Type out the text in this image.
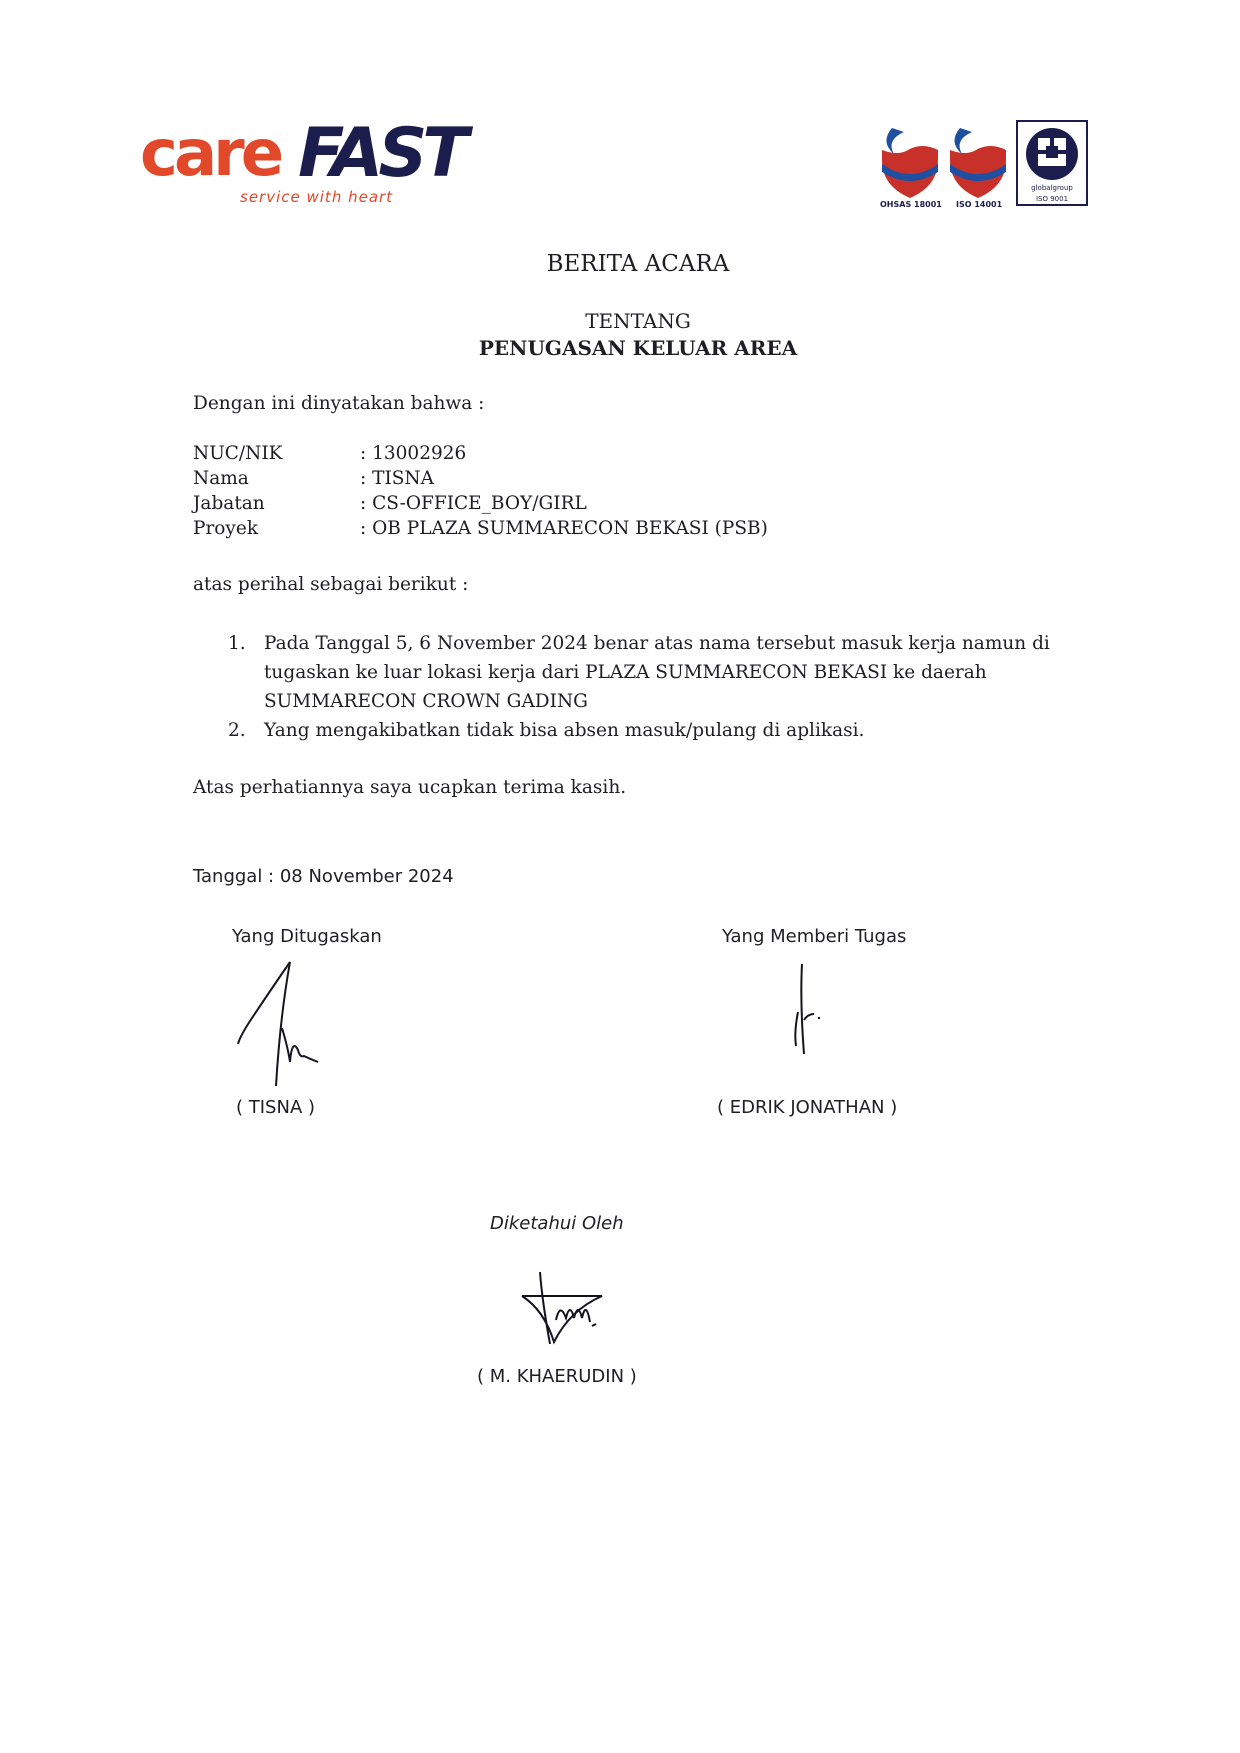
care FAST
service with heart	OHSAS 18001 ISO 14001
globalgroup
ISO 9001
BERITA ACARA
TENTANG
PENUGASAN KELUAR AREA
Dengan ini dinyatakan bahwa :
NUC/NIK	: 13002926
Nama	: TISNA
Jabatan	: CS-OFFICE_BOY/GIRL
Proyek	: OB PLAZA SUMMARECON BEKASI (PSB)
atas perihal sebagai berikut :
1. Pada Tanggal 5, 6 November 2024 benar atas nama tersebut masuk kerja namun di
tugaskan ke luar lokasi kerja dari PLAZA SUMMARECON BEKASI ke daerah
SUMMARECON CROWN GADING
2. Yang mengakibatkan tidak bisa absen masuk/pulang di aplikasi.
Atas perhatiannya saya ucapkan terima kasih.
Tanggal : 08 November 2024
Yang Ditugaskan
( TISNA )
Yang Memberi Tugas
( EDRIK JONATHAN )
Diketahui Oleh
( M. KHAERUDIN )
